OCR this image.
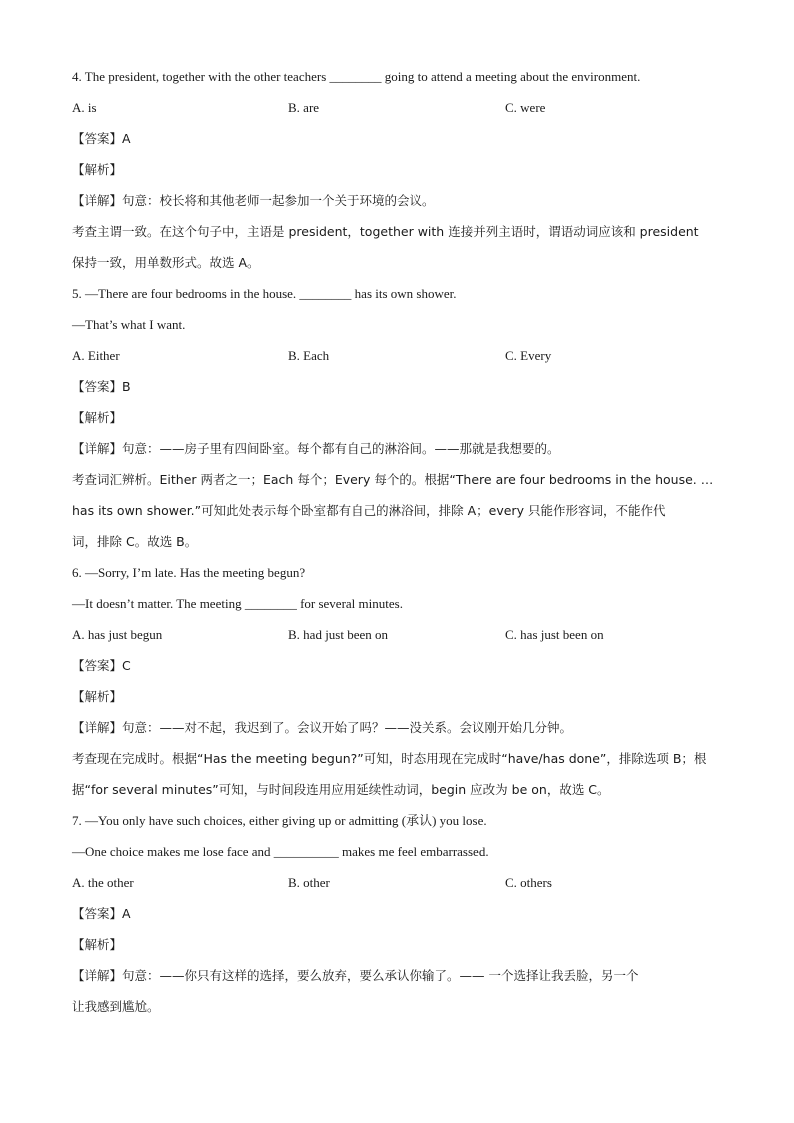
4. The president, together with the other teachers ________ going to attend a meeting about the environment.
A. is	B. are	C. were
【答案】A
【解析】
【详解】句意：校长将和其他老师一起参加一个关于环境的会议。
考查主谓一致。在这个句子中，主语是 president，together with 连接并列主语时，谓语动词应该和 president
保持一致，用单数形式。故选 A。
5. —There are four bedrooms in the house. ________ has its own shower.
—That’s what I want.
A. Either	B. Each	C. Every
【答案】B
【解析】
【详解】句意：——房子里有四间卧室。每个都有自己的淋浴间。——那就是我想要的。
考查词汇辨析。Either 两者之一；Each 每个；Every 每个的。根据“There are four bedrooms in the house. …
has its own shower.”可知此处表示每个卧室都有自己的淋浴间，排除 A；every 只能作形容词，不能作代
词，排除 C。故选 B。
6. —Sorry, I’m late. Has the meeting begun?
—It doesn’t matter. The meeting ________ for several minutes.
A. has just begun	B. had just been on	C. has just been on
【答案】C
【解析】
【详解】句意：——对不起，我迟到了。会议开始了吗？——没关系。会议刚开始几分钟。
考查现在完成时。根据“Has the meeting begun?”可知，时态用现在完成时“have/has done”，排除选项 B；根
据“for several minutes”可知，与时间段连用应用延续性动词，begin 应改为 be on，故选 C。
7. —You only have such choices, either giving up or admitting (承认) you lose.
—One choice makes me lose face and __________ makes me feel embarrassed.
A. the other	B. other	C. others
【答案】A
【解析】
【详解】句意：——你只有这样的选择，要么放弃，要么承认你输了。—— 一个选择让我丢脸，另一个
让我感到尴尬。
